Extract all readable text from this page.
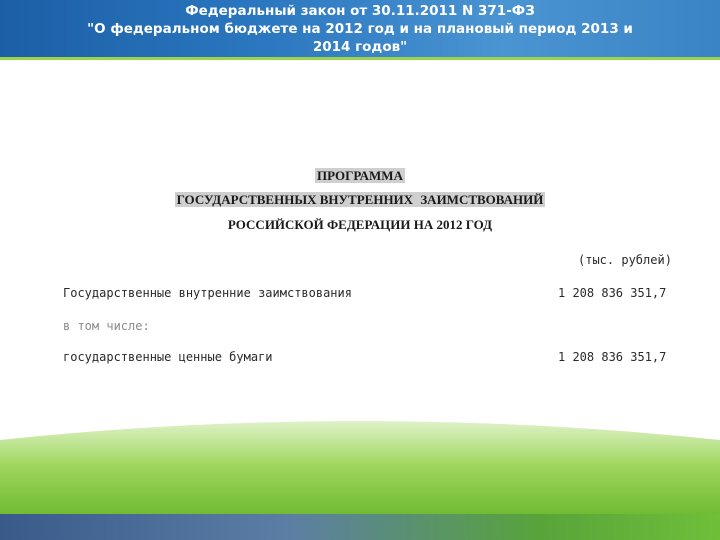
Федеральный закон от 30.11.2011 N 371-ФЗ
"О федеральном бюджете на 2012 год и на плановый период 2013 и
2014 годов"
ПРОГРАММА
ГОСУДАРСТВЕННЫХ ВНУТРЕННИХ ЗАИМСТВОВАНИЙ
РОССИЙСКОЙ ФЕДЕРАЦИИ НА 2012 ГОД
(тыс. рублей)
Государственные внутренние заимствования	1 208 836 351,7
в том числе:
государственные ценные бумаги	1 208 836 351,7
